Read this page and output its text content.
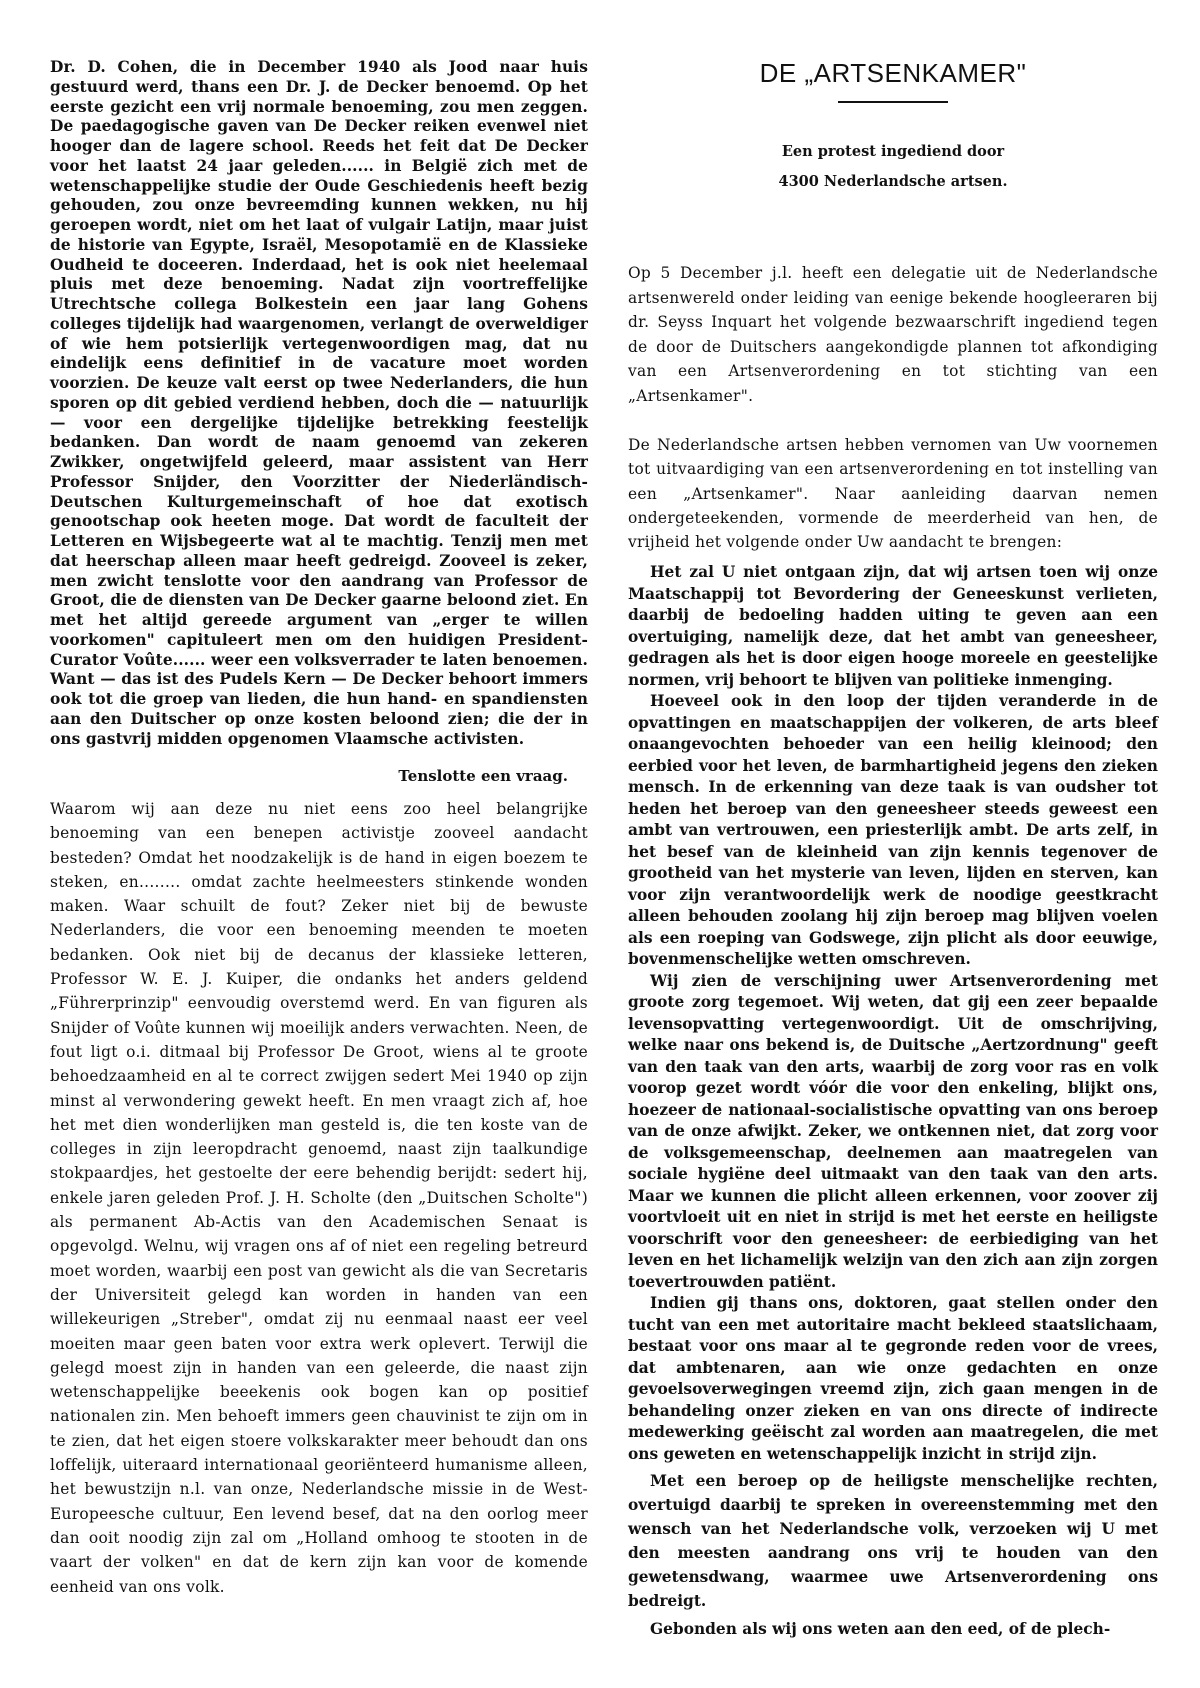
Dr. D. Cohen, die in December 1940 als Jood naar huis gestuurd werd, thans een Dr. J. de Decker benoemd. Op het eerste gezicht een vrij normale benoeming, zou men zeggen. De paedagogische gaven van De Decker reiken evenwel niet hooger dan de lagere school. Reeds het feit dat De Decker voor het laatst 24 jaar geleden...... in België zich met de wetenschappelijke studie der Oude Geschiedenis heeft bezig gehouden, zou onze bevreemding kunnen wekken, nu hij geroepen wordt, niet om het laat of vulgair Latijn, maar juist de historie van Egypte, Israël, Mesopotamië en de Klassieke Oudheid te doceeren. Inderdaad, het is ook niet heelemaal pluis met deze benoeming. Nadat zijn voortreffelijke Utrechtsche collega Bolkestein een jaar lang Gohens colleges tijdelijk had waargenomen, verlangt de overweldiger of wie hem potsierlijk vertegenwoordigen mag, dat nu eindelijk eens definitief in de vacature moet worden voorzien. De keuze valt eerst op twee Nederlanders, die hun sporen op dit gebied verdiend hebben, doch die — natuurlijk — voor een dergelijke tijdelijke betrekking feestelijk bedanken. Dan wordt de naam genoemd van zekeren Zwikker, ongetwijfeld geleerd, maar assistent van Herr Professor Snijder, den Voorzitter der Niederländisch-Deutschen Kulturgemeinschaft of hoe dat exotisch genootschap ook heeten moge. Dat wordt de faculteit der Letteren en Wijsbegeerte wat al te machtig. Tenzij men met dat heerschap alleen maar heeft gedreigd. Zooveel is zeker, men zwicht tenslotte voor den aandrang van Professor de Groot, die de diensten van De Decker gaarne beloond ziet. En met het altijd gereede argument van „erger te willen voorkomen" capituleert men om den huidigen President-Curator Voûte...... weer een volksverrader te laten benoemen. Want — das ist des Pudels Kern — De Decker behoort immers ook tot die groep van lieden, die hun hand- en spandiensten aan den Duitscher op onze kosten beloond zien; die der in ons gastvrij midden opgenomen Vlaamsche activisten.

Tenslotte een vraag.

Waarom wij aan deze nu niet eens zoo heel belangrijke benoeming van een benepen activistje zooveel aandacht besteden? Omdat het noodzakelijk is de hand in eigen boezem te steken, en........ omdat zachte heelmeesters stinkende wonden maken. Waar schuilt de fout? Zeker niet bij de bewuste Nederlanders, die voor een benoeming meenden te moeten bedanken. Ook niet bij de decanus der klassieke letteren, Professor W. E. J. Kuiper, die ondanks het anders geldend „Führerprinzip" eenvoudig overstemd werd. En van figuren als Snijder of Voûte kunnen wij moeilijk anders verwachten. Neen, de fout ligt o.i. ditmaal bij Professor De Groot, wiens al te groote behoedzaamheid en al te correct zwijgen sedert Mei 1940 op zijn minst al verwondering gewekt heeft. En men vraagt zich af, hoe het met dien wonderlijken man gesteld is, die ten koste van de colleges in zijn leeropdracht genoemd, naast zijn taalkundige stokpaardjes, het gestoelte der eere behendig berijdt: sedert hij, enkele jaren geleden Prof. J. H. Scholte (den „Duitschen Scholte") als permanent Ab-Actis van den Academischen Senaat is opgevolgd. Welnu, wij vragen ons af of niet een regeling betreurd moet worden, waarbij een post van gewicht als die van Secretaris der Universiteit gelegd kan worden in handen van een willekeurigen „Streber", omdat zij nu eenmaal naast eer veel moeiten maar geen baten voor extra werk oplevert. Terwijl die gelegd moest zijn in handen van een geleerde, die naast zijn wetenschappelijke beeekenis ook bogen kan op positief nationalen zin. Men behoeft immers geen chauvinist te zijn om in te zien, dat het eigen stoere volkskarakter meer behoudt dan ons loffelijk, uiteraard internationaal georiënteerd humanisme alleen, het bewustzijn n.l. van onze, Nederlandsche missie in de West-Europeesche cultuur, Een levend besef, dat na den oorlog meer dan ooit noodig zijn zal om „Holland omhoog te stooten in de vaart der volken" en dat de kern zijn kan voor de komende eenheid van ons volk.

DE „ARTSENKAMER"
Een protest ingediend door
4300 Nederlandsche artsen.

Op 5 December j.l. heeft een delegatie uit de Nederlandsche artsenwereld onder leiding van eenige bekende hoogleeraren bij dr. Seyss Inquart het volgende bezwaarschrift ingediend tegen de door de Duitschers aangekondigde plannen tot afkondiging van een Artsenverordening en tot stichting van een „Artsenkamer".

De Nederlandsche artsen hebben vernomen van Uw voornemen tot uitvaardiging van een artsenverordening en tot instelling van een „Artsenkamer". Naar aanleiding daarvan nemen ondergeteekenden, vormende de meerderheid van hen, de vrijheid het volgende onder Uw aandacht te brengen:

Het zal U niet ontgaan zijn, dat wij artsen toen wij onze Maatschappij tot Bevordering der Geneeskunst verlieten, daarbij de bedoeling hadden uiting te geven aan een overtuiging, namelijk deze, dat het ambt van geneesheer, gedragen als het is door eigen hooge moreele en geestelijke normen, vrij behoort te blijven van politieke inmenging.

Hoeveel ook in den loop der tijden veranderde in de opvattingen en maatschappijen der volkeren, de arts bleef onaangevochten behoeder van een heilig kleinood; den eerbied voor het leven, de barmhartigheid jegens den zieken mensch. In de erkenning van deze taak is van oudsher tot heden het beroep van den geneesheer steeds geweest een ambt van vertrouwen, een priesterlijk ambt. De arts zelf, in het besef van de kleinheid van zijn kennis tegenover de grootheid van het mysterie van leven, lijden en sterven, kan voor zijn verantwoordelijk werk de noodige geestkracht alleen behouden zoolang hij zijn beroep mag blijven voelen als een roeping van Godswege, zijn plicht als door eeuwige, bovenmenschelijke wetten omschreven.

Wij zien de verschijning uwer Artsenverordening met groote zorg tegemoet. Wij weten, dat gij een zeer bepaalde levensopvatting vertegenwoordigt. Uit de omschrijving, welke naar ons bekend is, de Duitsche „Aertzordnung" geeft van den taak van den arts, waarbij de zorg voor ras en volk voorop gezet wordt vóór die voor den enkeling, blijkt ons, hoezeer de nationaal-socialistische opvatting van ons beroep van de onze afwijkt. Zeker, we ontkennen niet, dat zorg voor de volksgemeenschap, deelnemen aan maatregelen van sociale hygiëne deel uitmaakt van den taak van den arts. Maar we kunnen die plicht alleen erkennen, voor zoover zij voortvloeit uit en niet in strijd is met het eerste en heiligste voorschrift voor den geneesheer: de eerbiediging van het leven en het lichamelijk welzijn van den zich aan zijn zorgen toevertrouwden patiënt.

Indien gij thans ons, doktoren, gaat stellen onder den tucht van een met autoritaire macht bekleed staatslichaam, bestaat voor ons maar al te gegronde reden voor de vrees, dat ambtenaren, aan wie onze gedachten en onze gevoelsoverwegingen vreemd zijn, zich gaan mengen in de behandeling onzer zieken en van ons directe of indirecte medewerking geëischt zal worden aan maatregelen, die met ons geweten en wetenschappelijk inzicht in strijd zijn.

Met een beroep op de heiligste menschelijke rechten, overtuigd daarbij te spreken in overeenstemming met den wensch van het Nederlandsche volk, verzoeken wij U met den meesten aandrang ons vrij te houden van den gewetensdwang, waarmee uwe Artsenverordening ons bedreigt.

Gebonden als wij ons weten aan den eed, of de plech-
